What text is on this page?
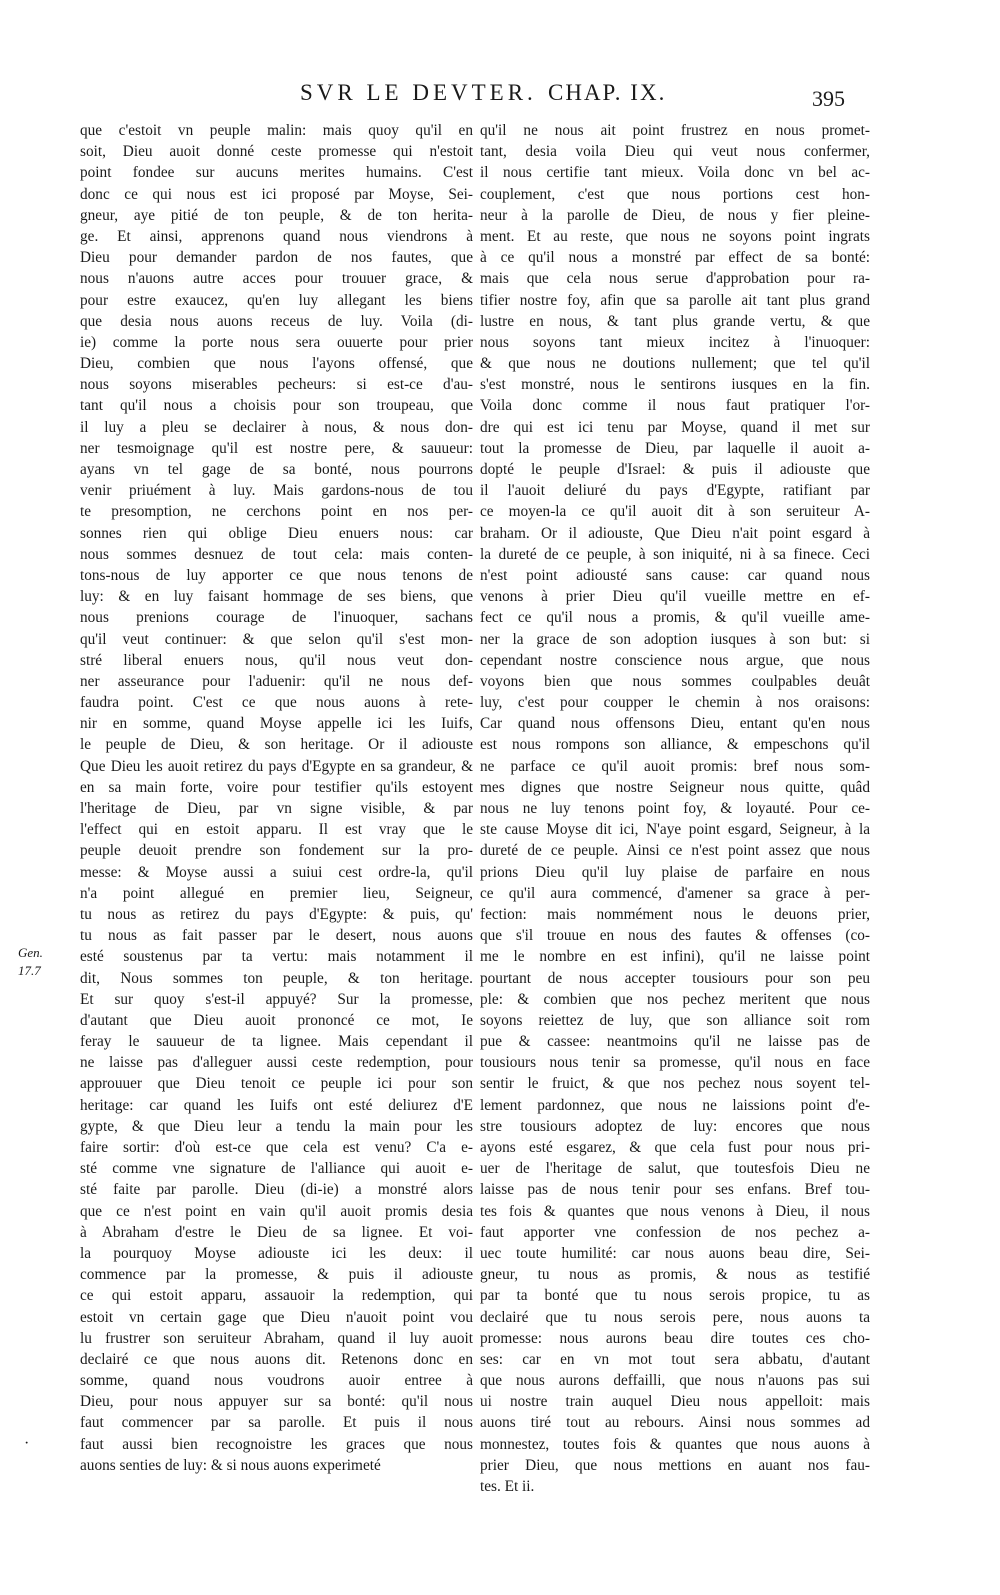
SVR LE DEVTER. CHAP. IX.	395
Gen.
17.7
·
que c'estoit vn peuple malin: mais quoy qu'il en
soit, Dieu auoit donné ceste promesse qui n'estoit
point fondee sur aucuns merites humains. C'est
donc ce qui nous est ici proposé par Moyse, Sei-
gneur, aye pitié de ton peuple, & de ton herita-
ge. Et ainsi, apprenons quand nous viendrons à
Dieu pour demander pardon de nos fautes, que
nous n'auons autre acces pour trouuer grace, &
pour estre exaucez, qu'en luy allegant les biens
que desia nous auons receus de luy. Voila (di-
ie) comme la porte nous sera ouuerte pour prier
Dieu, combien que nous l'ayons offensé, que
nous soyons miserables pecheurs: si est-ce d'au-
tant qu'il nous a choisis pour son troupeau, que
il luy a pleu se declairer à nous, & nous don-
ner tesmoignage qu'il est nostre pere, & sauueur:
ayans vn tel gage de sa bonté, nous pourrons
venir priuément à luy. Mais gardons-nous de tou
te presomption, ne cerchons point en nos per-
sonnes rien qui oblige Dieu enuers nous: car
nous sommes desnuez de tout cela: mais conten-
tons-nous de luy apporter ce que nous tenons de
luy: & en luy faisant hommage de ses biens, que
nous prenions courage de l'inuoquer, sachans
qu'il veut continuer: & que selon qu'il s'est mon-
stré liberal enuers nous, qu'il nous veut don-
ner asseurance pour l'aduenir: qu'il ne nous def-
faudra point. C'est ce que nous auons à rete-
nir en somme, quand Moyse appelle ici les Iuifs,
le peuple de Dieu, & son heritage. Or il adiouste
Que Dieu les auoit retirez du pays d'Egypte en sa grandeur, &
en sa main forte, voire pour testifier qu'ils estoyent
l'heritage de Dieu, par vn signe visible, & par
l'effect qui en estoit apparu. Il est vray que le
peuple deuoit prendre son fondement sur la pro-
messe: & Moyse aussi a suiui cest ordre-la, qu'il
n'a point allegué en premier lieu, Seigneur,
tu nous as retirez du pays d'Egypte: & puis, qu'
tu nous as fait passer par le desert, nous auons
esté soustenus par ta vertu: mais notamment il
dit, Nous sommes ton peuple, & ton heritage.
Et sur quoy s'est-il appuyé? Sur la promesse,
d'autant que Dieu auoit prononcé ce mot, Ie
feray le sauueur de ta lignee. Mais cependant il
ne laisse pas d'alleguer aussi ceste redemption, pour
approuuer que Dieu tenoit ce peuple ici pour son
heritage: car quand les Iuifs ont esté deliurez d'E
gypte, & que Dieu leur a tendu la main pour les
faire sortir: d'où est-ce que cela est venu? C'a e-
sté comme vne signature de l'alliance qui auoit e-
sté faite par parolle. Dieu (di-ie) a monstré alors
que ce n'est point en vain qu'il auoit promis desia
à Abraham d'estre le Dieu de sa lignee. Et voi-
la pourquoy Moyse adiouste ici les deux: il
commence par la promesse, & puis il adiouste
ce qui estoit apparu, assauoir la redemption, qui
estoit vn certain gage que Dieu n'auoit point vou
lu frustrer son seruiteur Abraham, quand il luy auoit
declairé ce que nous auons dit. Retenons donc en
somme, quand nous voudrons auoir entree à
Dieu, pour nous appuyer sur sa bonté: qu'il nous
faut commencer par sa parolle. Et puis il nous
faut aussi bien recognoistre les graces que nous
auons senties de luy: & si nous auons experimeté
qu'il ne nous ait point frustrez en nous promet-
tant, desia voila Dieu qui veut nous confermer,
il nous certifie tant mieux. Voila donc vn bel ac-
couplement, c'est que nous portions cest hon-
neur à la parolle de Dieu, de nous y fier pleine-
ment. Et au reste, que nous ne soyons point ingrats
à ce qu'il nous a monstré par effect de sa bonté:
mais que cela nous serue d'approbation pour ra-
tifier nostre foy, afin que sa parolle ait tant plus grand
lustre en nous, & tant plus grande vertu, & que
nous soyons tant mieux incitez à l'inuoquer:
& que nous ne doutions nullement; que tel qu'il
s'est monstré, nous le sentirons iusques en la fin.
Voila donc comme il nous faut pratiquer l'or-
dre qui est ici tenu par Moyse, quand il met sur
tout la promesse de Dieu, par laquelle il auoit a-
dopté le peuple d'Israel: & puis il adiouste que
il l'auoit deliuré du pays d'Egypte, ratifiant par
ce moyen-la ce qu'il auoit dit à son seruiteur A-
braham. Or il adiouste, Que Dieu n'ait point esgard à
la dureté de ce peuple, à son iniquité, ni à sa finece. Ceci
n'est point adiousté sans cause: car quand nous
venons à prier Dieu qu'il vueille mettre en ef-
fect ce qu'il nous a promis, & qu'il vueille ame-
ner la grace de son adoption iusques à son but: si
cependant nostre conscience nous argue, que nous
voyons bien que nous sommes coulpables deuât
luy, c'est pour coupper le chemin à nos oraisons:
Car quand nous offensons Dieu, entant qu'en nous
est nous rompons son alliance, & empeschons qu'il
ne parface ce qu'il auoit promis: bref nous som-
mes dignes que nostre Seigneur nous quitte, quâd
nous ne luy tenons point foy, & loyauté. Pour ce-
ste cause Moyse dit ici, N'aye point esgard, Seigneur, à la
dureté de ce peuple. Ainsi ce n'est point assez que nous
prions Dieu qu'il luy plaise de parfaire en nous
ce qu'il aura commencé, d'amener sa grace à per-
fection: mais nommément nous le deuons prier,
que s'il trouue en nous des fautes & offenses (co-
me le nombre en est infini), qu'il ne laisse point
pourtant de nous accepter tousiours pour son peu
ple: & combien que nos pechez meritent que nous
soyons reiettez de luy, que son alliance soit rom
pue & cassee: neantmoins qu'il ne laisse pas de
tousiours nous tenir sa promesse, qu'il nous en face
sentir le fruict, & que nos pechez nous soyent tel-
lement pardonnez, que nous ne laissions point d'e-
stre tousiours adoptez de luy: encores que nous
ayons esté esgarez, & que cela fust pour nous pri-
uer de l'heritage de salut, que toutesfois Dieu ne
laisse pas de nous tenir pour ses enfans. Bref tou-
tes fois & quantes que nous venons à Dieu, il nous
faut apporter vne confession de nos pechez a-
uec toute humilité: car nous auons beau dire, Sei-
gneur, tu nous as promis, & nous as testifié
par ta bonté que tu nous serois propice, tu as
declairé que tu nous serois pere, nous auons ta
promesse: nous aurons beau dire toutes ces cho-
ses: car en vn mot tout sera abbatu, d'autant
que nous aurons deffailli, que nous n'auons pas sui
ui nostre train auquel Dieu nous appelloit: mais
auons tiré tout au rebours. Ainsi nous sommes ad
monnestez, toutes fois & quantes que nous auons à
prier Dieu, que nous mettions en auant nos fau-
tes. Et ii.
